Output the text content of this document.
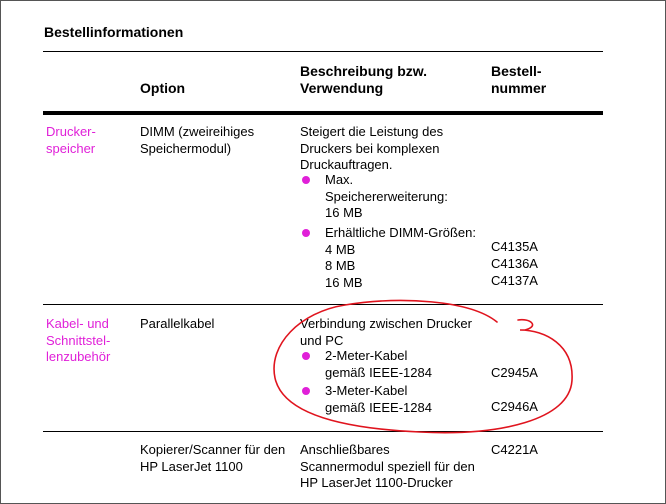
Bestellinformationen
Option
Beschreibung bzw.
Verwendung
Bestell-
nummer
Drucker-
speicher
DIMM (zweireihiges
Speichermodul)
Steigert die Leistung des
Druckers bei komplexen
Druckauftragen.
Max.
Speichererweiterung:
16 MB
Erhältliche DIMM-Größen:
4 MB
8 MB
16 MB
C4135A
C4136A
C4137A
Kabel- und
Schnittstel-
lenzubehör
Parallelkabel	Verbindung zwischen Drucker
und PC
2-Meter-Kabel
gemäß IEEE-1284
3-Meter-Kabel
gemäß IEEE-1284
C2945A
C2946A
Kopierer/Scanner für den
HP LaserJet 1100
Anschließbares
Scannermodul speziell für den
HP LaserJet 1100-Drucker
C4221A
